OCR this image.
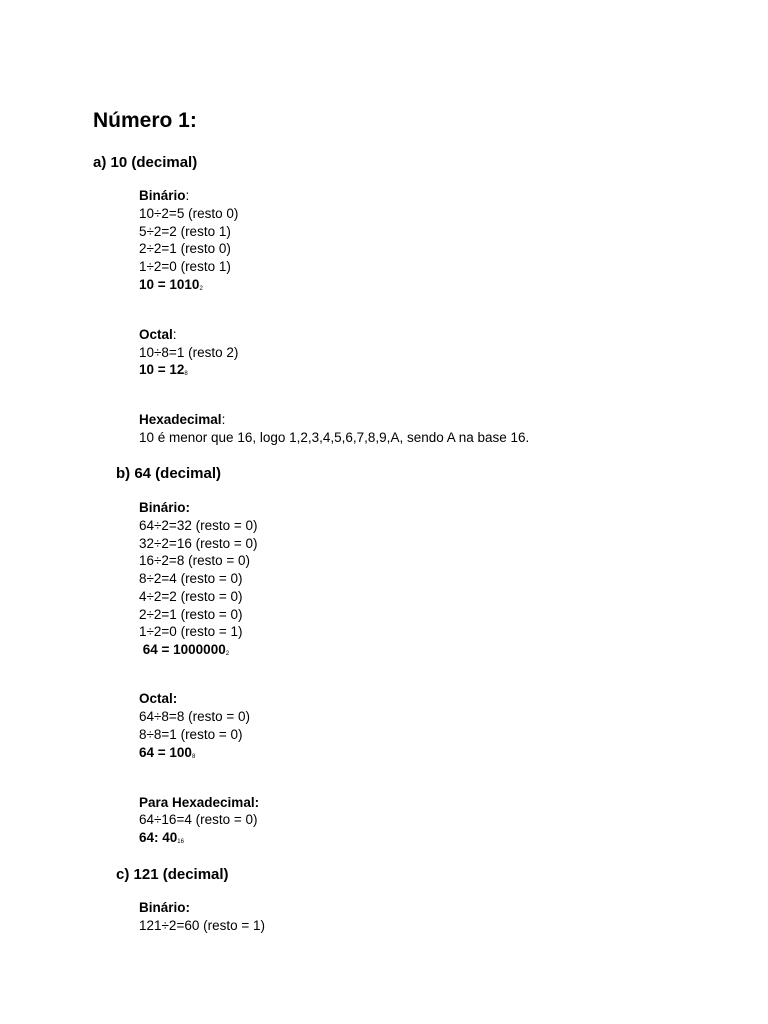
Número 1:
a) 10 (decimal)
Binário:
10÷2=5 (resto 0)
5÷2=2 (resto 1)
2÷2=1 (resto 0)
1÷2=0 (resto 1)
$10 = 1010_2$
Octal:
10÷8=1 (resto 2)
$10 = 12_8$
Hexadecimal:
10 é menor que 16, logo 1,2,3,4,5,6,7,8,9,A, sendo A na base 16.
b) 64 (decimal)
Binário:
64÷2=32 (resto = 0)
32÷2=16 (resto = 0)
16÷2=8 (resto = 0)
8÷2=4 (resto = 0)
4÷2=2 (resto = 0)
2÷2=1 (resto = 0)
1÷2=0 (resto = 1)
$64 = 1000000_2$
Octal:
64÷8=8 (resto = 0)
8÷8=1 (resto = 0)
$64 = 100_8$
Para Hexadecimal:
64÷16=4 (resto = 0)
64: $40_{16}$
c) 121 (decimal)
Binário:
121÷2=60 (resto = 1)
